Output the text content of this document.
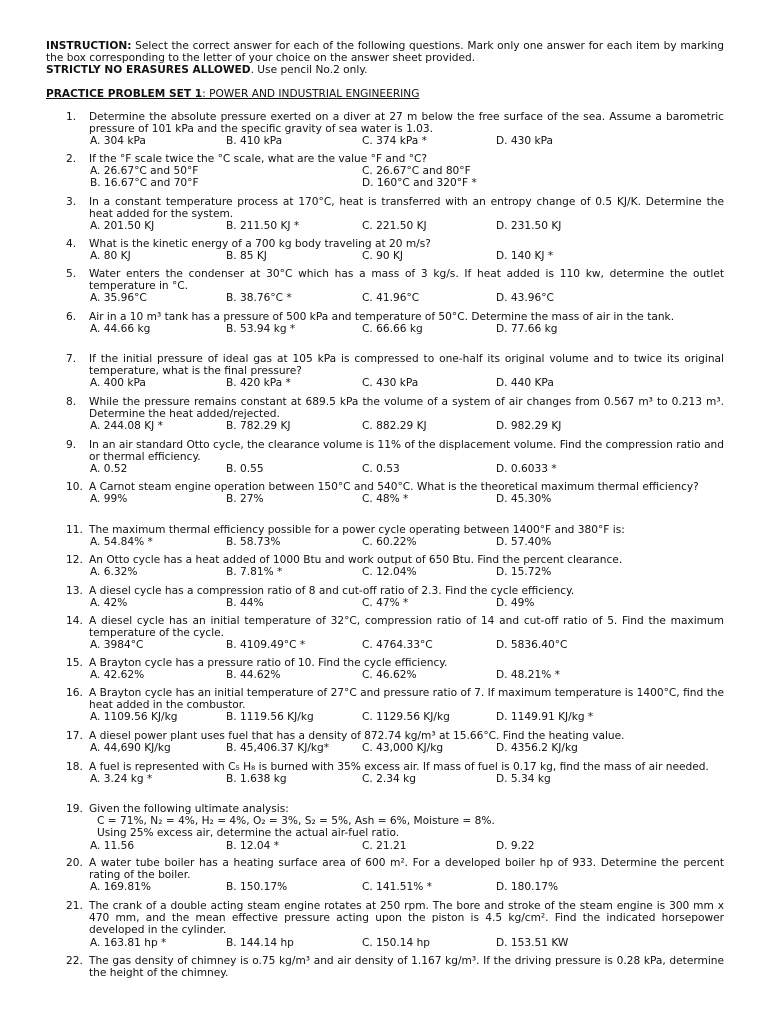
INSTRUCTION: Select the correct answer for each of the following questions. Mark only one answer for each item by marking the box corresponding to the letter of your choice on the answer sheet provided.
STRICTLY NO ERASURES ALLOWED. Use pencil No.2 only.
PRACTICE PROBLEM SET 1: POWER AND INDUSTRIAL ENGINEERING
1. Determine the absolute pressure exerted on a diver at 27 m below the free surface of the sea. Assume a barometric pressure of 101 kPa and the specific gravity of sea water is 1.03.
A. 304 kPa	B. 410 kPa	C. 374 kPa *	D. 430 kPa
2. If the °F scale twice the °C scale, what are the value °F and °C?
A. 26.67°C and 50°F	C. 26.67°C and 80°F
B. 16.67°C and 70°F	D. 160°C and 320°F *
3. In a constant temperature process at 170°C, heat is transferred with an entropy change of 0.5 KJ/K. Determine the heat added for the system.
A. 201.50 KJ	B. 211.50 KJ *	C. 221.50 KJ	D. 231.50 KJ
4. What is the kinetic energy of a 700 kg body traveling at 20 m/s?
A. 80 KJ	B. 85 KJ	C. 90 KJ	D. 140 KJ *
5. Water enters the condenser at 30°C which has a mass of 3 kg/s. If heat added is 110 kw, determine the outlet temperature in °C.
A. 35.96°C	B. 38.76°C *	C. 41.96°C	D. 43.96°C
6. Air in a 10 m³ tank has a pressure of 500 kPa and temperature of 50°C. Determine the mass of air in the tank.
A. 44.66 kg	B. 53.94 kg *	C. 66.66 kg	D. 77.66 kg
7. If the initial pressure of ideal gas at 105 kPa is compressed to one-half its original volume and to twice its original temperature, what is the final pressure?
A. 400 kPa	B. 420 kPa *	C. 430 kPa	D. 440 KPa
8. While the pressure remains constant at 689.5 kPa the volume of a system of air changes from 0.567 m³ to 0.213 m³. Determine the heat added/rejected.
A. 244.08 KJ *	B. 782.29 KJ	C. 882.29 KJ	D. 982.29 KJ
9. In an air standard Otto cycle, the clearance volume is 11% of the displacement volume. Find the compression ratio and or thermal efficiency.
A. 0.52	B. 0.55	C. 0.53	D. 0.6033 *
10. A Carnot steam engine operation between 150°C and 540°C. What is the theoretical maximum thermal efficiency?
A. 99%	B. 27%	C. 48% *	D. 45.30%
11. The maximum thermal efficiency possible for a power cycle operating between 1400°F and 380°F is:
A. 54.84% *	B. 58.73%	C. 60.22%	D. 57.40%
12. An Otto cycle has a heat added of 1000 Btu and work output of 650 Btu. Find the percent clearance.
A. 6.32%	B. 7.81% *	C. 12.04%	D. 15.72%
13. A diesel cycle has a compression ratio of 8 and cut-off ratio of 2.3. Find the cycle efficiency.
A. 42%	B. 44%	C. 47% *	D. 49%
14. A diesel cycle has an initial temperature of 32°C, compression ratio of 14 and cut-off ratio of 5. Find the maximum temperature of the cycle.
A. 3984°C	B. 4109.49°C *	C. 4764.33°C	D. 5836.40°C
15. A Brayton cycle has a pressure ratio of 10. Find the cycle efficiency.
A. 42.62%	B. 44.62%	C. 46.62%	D. 48.21% *
16. A Brayton cycle has an initial temperature of 27°C and pressure ratio of 7. If maximum temperature is 1400°C, find the heat added in the combustor.
A. 1109.56 KJ/kg	B. 1119.56 KJ/kg	C. 1129.56 KJ/kg	D. 1149.91 KJ/kg *
17. A diesel power plant uses fuel that has a density of 872.74 kg/m³ at 15.66°C. Find the heating value.
A. 44,690 KJ/kg	B. 45,406.37 KJ/kg*	C. 43,000 KJ/kg	D. 4356.2 KJ/kg
18. A fuel is represented with C₅ H₈ is burned with 35% excess air. If mass of fuel is 0.17 kg, find the mass of air needed.
A. 3.24 kg *	B. 1.638 kg	C. 2.34 kg	D. 5.34 kg
19. Given the following ultimate analysis:
C = 71%, N₂ = 4%, H₂ = 4%, O₂ = 3%, S₂ = 5%, Ash = 6%, Moisture = 8%.
Using 25% excess air, determine the actual air-fuel ratio.
A. 11.56	B. 12.04 *	C. 21.21	D. 9.22
20. A water tube boiler has a heating surface area of 600 m². For a developed boiler hp of 933. Determine the percent rating of the boiler.
A. 169.81%	B. 150.17%	C. 141.51% *	D. 180.17%
21. The crank of a double acting steam engine rotates at 250 rpm. The bore and stroke of the steam engine is 300 mm x 470 mm, and the mean effective pressure acting upon the piston is 4.5 kg/cm². Find the indicated horsepower developed in the cylinder.
A. 163.81 hp *	B. 144.14 hp	C. 150.14 hp	D. 153.51 KW
22. The gas density of chimney is o.75 kg/m³ and air density of 1.167 kg/m³. If the driving pressure is 0.28 kPa, determine the height of the chimney.
